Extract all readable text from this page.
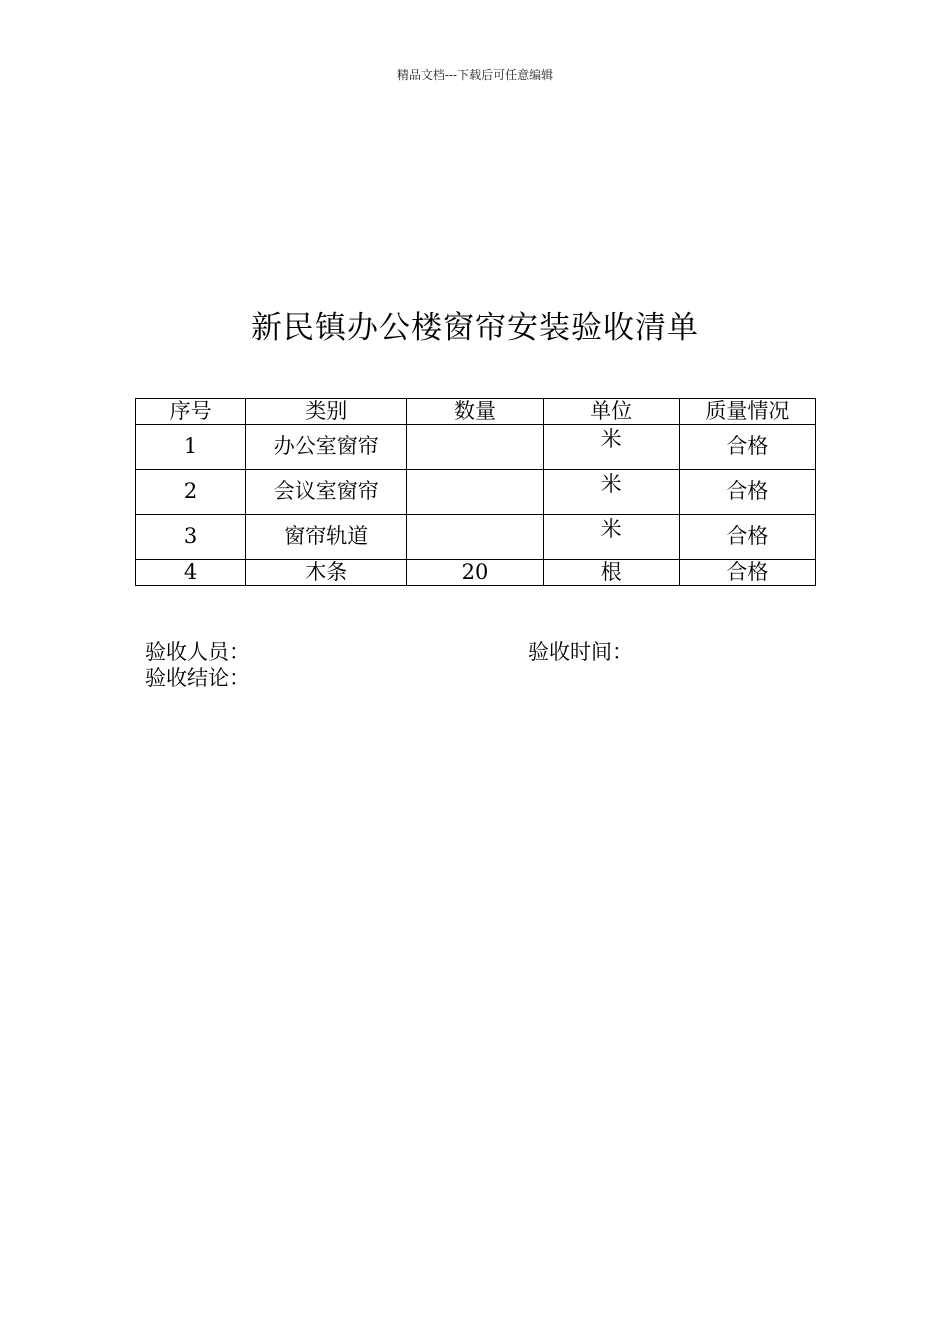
精品文档---下载后可任意编辑
新民镇办公楼窗帘安装验收清单
序号	类别	数量	单位	质量情况
1	办公室窗帘		米	合格
2	会议室窗帘		米	合格
3	窗帘轨道		米	合格
4	木条	20	根	合格
验收人员：	验收时间：
验收结论：
